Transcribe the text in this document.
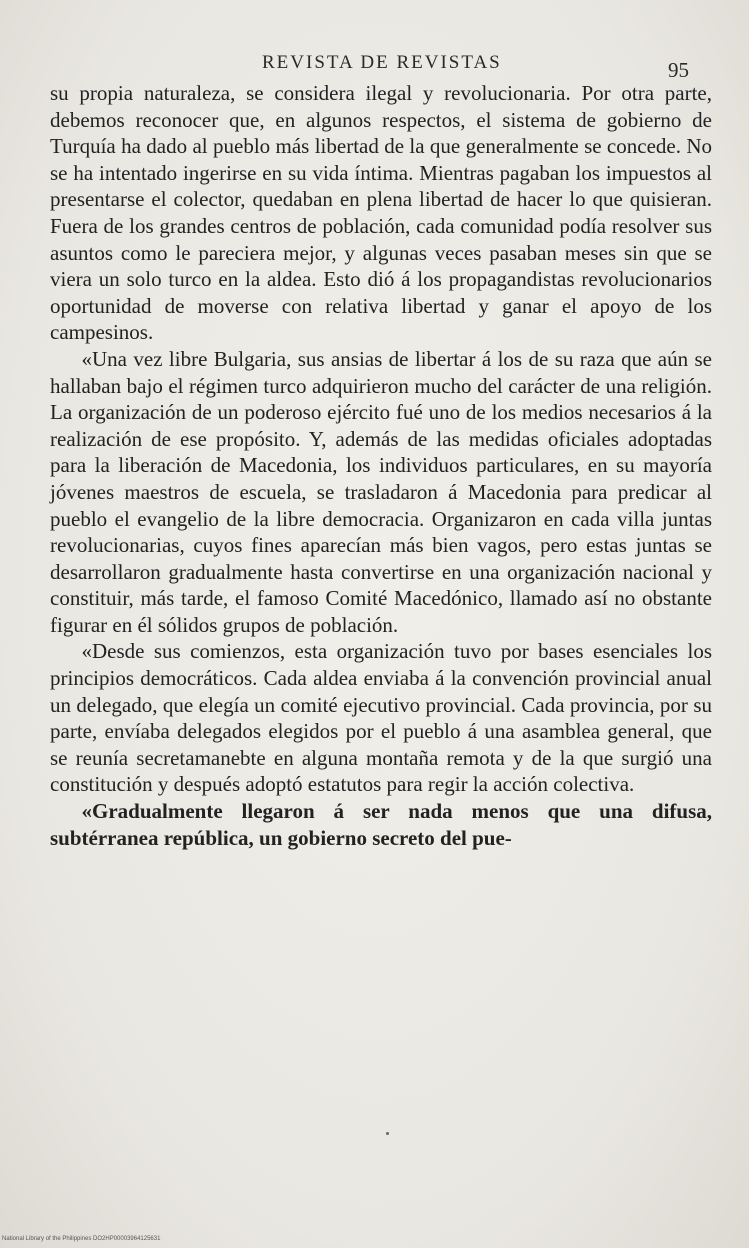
REVISTA DE REVISTAS	95

su propia naturaleza, se considera ilegal y revolucionaria. Por otra parte, debemos reconocer que, en algunos respectos, el sistema de gobierno de Turquía ha dado al pueblo más libertad de la que generalmente se concede. No se ha intentado ingerirse en su vida íntima. Mientras pagaban los impuestos al presentarse el colector, quedaban en plena libertad de hacer lo que quisieran. Fuera de los grandes centros de población, cada comunidad podía resolver sus asuntos como le pareciera mejor, y algunas veces pasaban meses sin que se viera un solo turco en la aldea. Esto dió á los propagandistas revolucionarios oportunidad de moverse con relativa libertad y ganar el apoyo de los campesinos.

«Una vez libre Bulgaria, sus ansias de libertar á los de su raza que aún se hallaban bajo el régimen turco adquirieron mucho del carácter de una religión. La organización de un poderoso ejército fué uno de los medios necesarios á la realización de ese propósito. Y, además de las medidas oficiales adoptadas para la liberación de Macedonia, los individuos particulares, en su mayoría jóvenes maestros de escuela, se trasladaron á Macedonia para predicar al pueblo el evangelio de la libre democracia. Organizaron en cada villa juntas revolucionarias, cuyos fines aparecían más bien vagos, pero estas juntas se desarrollaron gradualmente hasta convertirse en una organización nacional y constituir, más tarde, el famoso Comité Macedónico, llamado así no obstante figurar en él sólidos grupos de población.

«Desde sus comienzos, esta organización tuvo por bases esenciales los principios democráticos. Cada aldea enviaba á la convención provincial anual un delegado, que elegía un comité ejecutivo provincial. Cada provincia, por su parte, envíaba delegados elegidos por el pueblo á una asamblea general, que se reunía secretamanebte en alguna montaña remota y de la que surgió una constitución y después adoptó estatutos para regir la acción colectiva.

«Gradualmente llegaron á ser nada menos que una difusa, subtérranea república, un gobierno secreto del pue-

National Library of the Philippines DO2HP00003964125631
